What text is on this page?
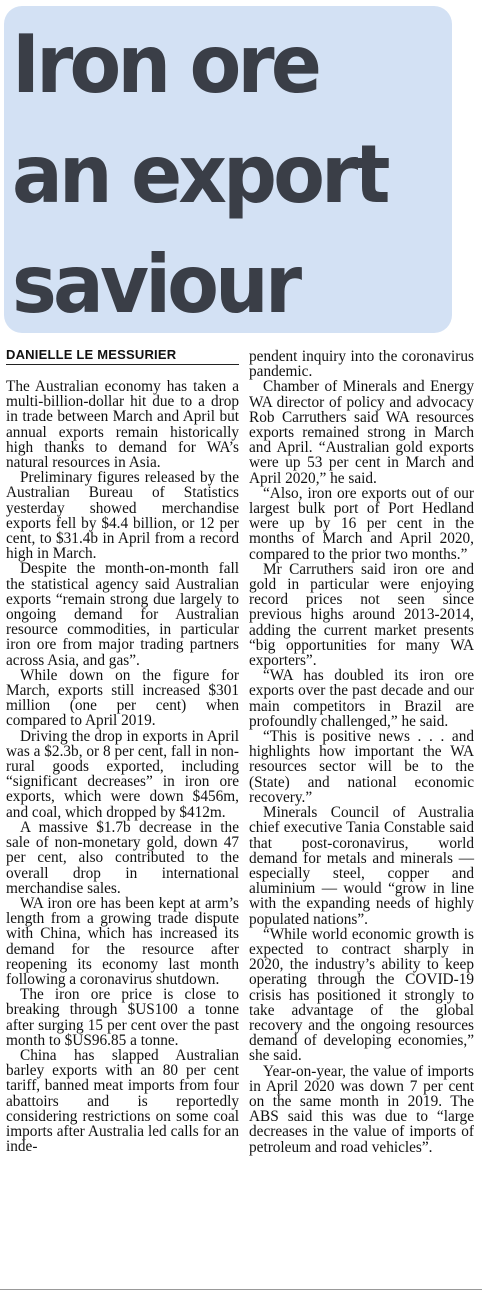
Iron ore
an export
saviour
DANIELLE LE MESSURIER

The Australian economy has taken a multi-billion-dollar hit due to a drop in trade between March and April but annual exports remain historically high thanks to demand for WA’s natural resources in Asia.

Preliminary figures released by the Australian Bureau of Statistics yesterday showed merchandise exports fell by $4.4 billion, or 12 per cent, to $31.4b in April from a record high in March.

Despite the month-on-month fall the statistical agency said Australian exports “remain strong due largely to ongoing demand for Australian resource commodities, in particular iron ore from major trading partners across Asia, and gas”.

While down on the figure for March, exports still increased $301 million (one per cent) when compared to April 2019.

Driving the drop in exports in April was a $2.3b, or 8 per cent, fall in non-rural goods exported, including “significant decreases” in iron ore exports, which were down $456m, and coal, which dropped by $412m.

A massive $1.7b decrease in the sale of non-monetary gold, down 47 per cent, also contributed to the overall drop in international merchandise sales.

WA iron ore has been kept at arm’s length from a growing trade dispute with China, which has increased its demand for the resource after reopening its economy last month following a coronavirus shutdown.

The iron ore price is close to breaking through $US100 a tonne after surging 15 per cent over the past month to $US96.85 a tonne.

China has slapped Australian barley exports with an 80 per cent tariff, banned meat imports from four abattoirs and is reportedly considering restrictions on some coal imports after Australia led calls for an inde-

pendent inquiry into the coronavirus pandemic.

Chamber of Minerals and Energy WA director of policy and advocacy Rob Carruthers said WA resources exports remained strong in March and April. “Australian gold exports were up 53 per cent in March and April 2020,” he said.

“Also, iron ore exports out of our largest bulk port of Port Hedland were up by 16 per cent in the months of March and April 2020, compared to the prior two months.”

Mr Carruthers said iron ore and gold in particular were enjoying record prices not seen since previous highs around 2013-2014, adding the current market presents “big opportunities for many WA exporters”.

“WA has doubled its iron ore exports over the past decade and our main competitors in Brazil are profoundly challenged,” he said.

“This is positive news . . . and highlights how important the WA resources sector will be to the (State) and national economic recovery.”

Minerals Council of Australia chief executive Tania Constable said that post-coronavirus, world demand for metals and minerals — especially steel, copper and aluminium — would “grow in line with the expanding needs of highly populated nations”.

“While world economic growth is expected to contract sharply in 2020, the industry’s ability to keep operating through the COVID-19 crisis has positioned it strongly to take advantage of the global recovery and the ongoing resources demand of developing economies,” she said.

Year-on-year, the value of imports in April 2020 was down 7 per cent on the same month in 2019. The ABS said this was due to “large decreases in the value of imports of petroleum and road vehicles”.
